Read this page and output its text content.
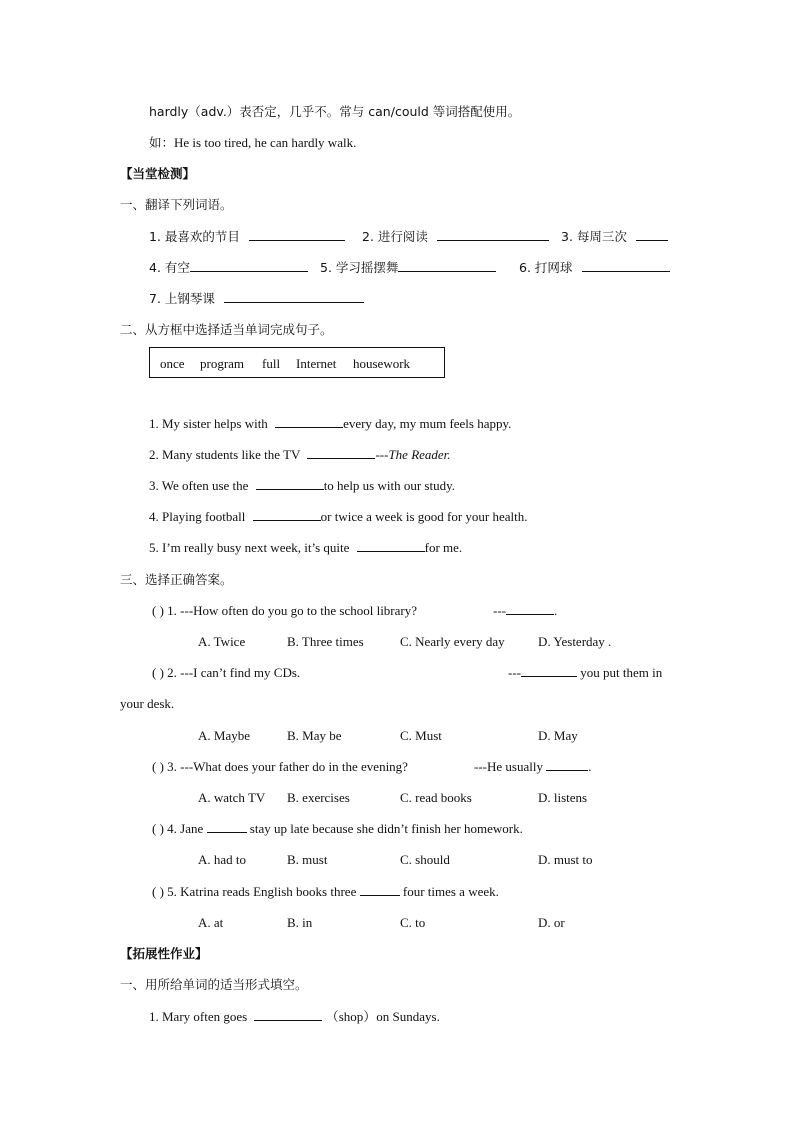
hardly（adv.）表否定，几乎不。常与 can/could 等词搭配使用。
如：He is too tired, he can hardly walk.
【当堂检测】
一、翻译下列词语。
1. 最喜欢的节目	2. 进行阅读	3. 每周三次
4. 有空	5. 学习摇摆舞	6. 打网球
7. 上钢琴课
二、从方框中选择适当单词完成句子。
once program full Internet housework
1. My sister helps with	every day, my mum feels happy.
2. Many students like the TV	---The Reader.
3. We often use the	to help us with our study.
4. Playing football	or twice a week is good for your health.
5. I’m really busy next week, it’s quite	for me.
三、选择正确答案。
( ) 1. ---How often do you go to the school library?	---	.
A. Twice	B. Three times	C. Nearly every day	D. Yesterday .
( ) 2. ---I can’t find my CDs.	---	you put them in
your desk.
A. Maybe	B. May be	C. Must	D. May
( ) 3. ---What does your father do in the evening?	---He usually	.
A. watch TV B. exercises	C. read books	D. listens
( ) 4. Jane	stay up late because she didn’t finish her homework.
A. had to	B. must	C. should	D. must to
( ) 5. Katrina reads English books three	four times a week.
A. at	B. in	C. to	D. or
【拓展性作业】
一、用所给单词的适当形式填空。
1. Mary often goes	（shop）on Sundays.
